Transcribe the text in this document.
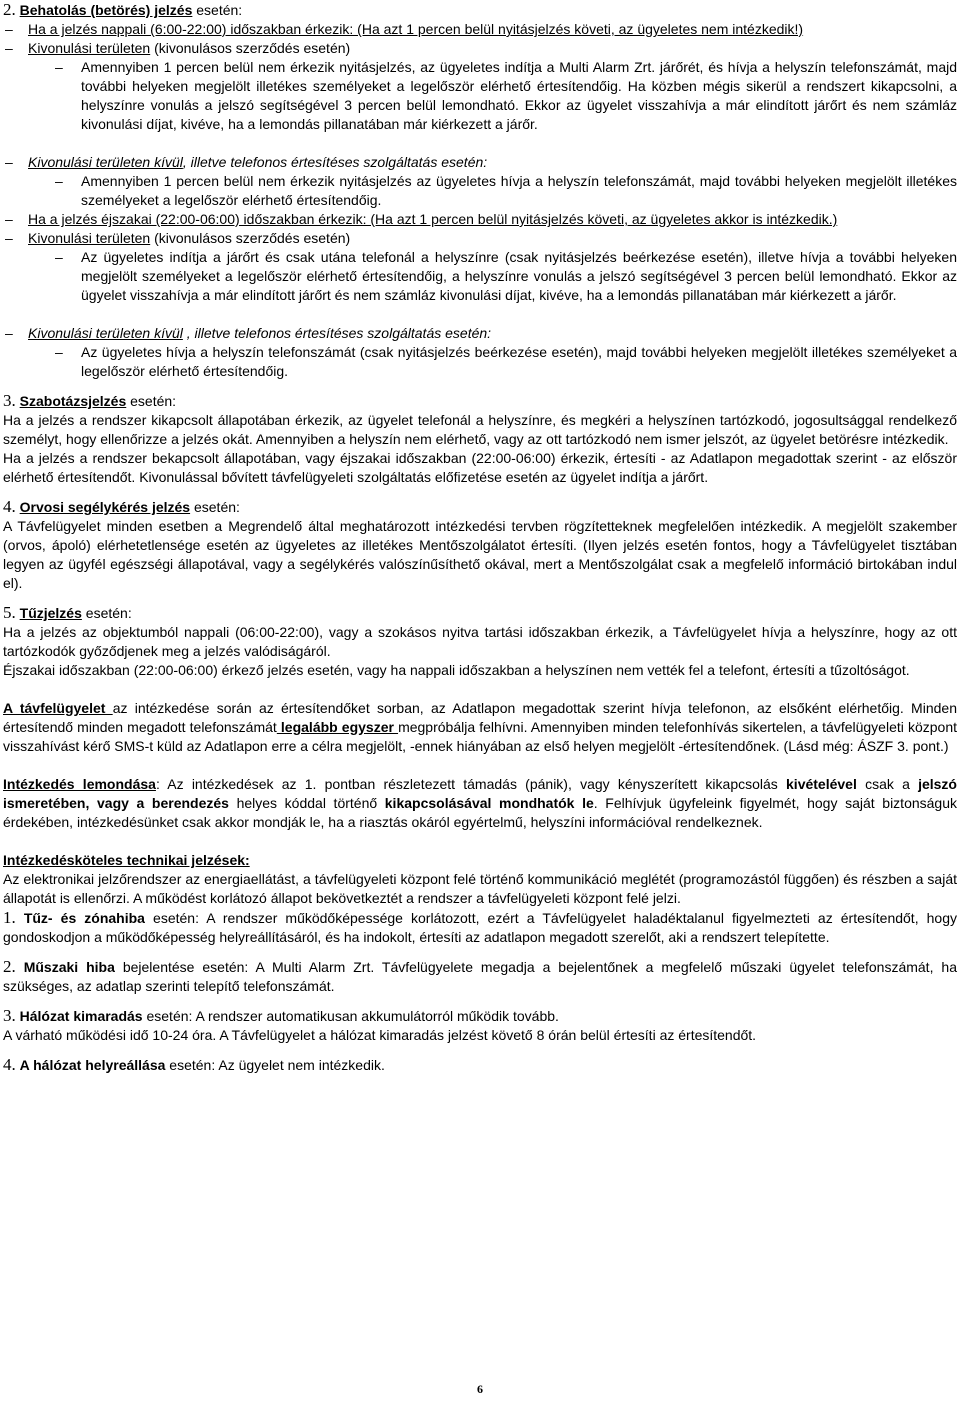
2. Behatolás (betörés) jelzés esetén:

– Ha a jelzés nappali (6:00-22:00) időszakban érkezik: (Ha azt 1 percen belül nyitásjelzés követi, az ügyeletes nem intézkedik!)
– Kivonulási területen (kivonulásos szerződés esetén)
– Amennyiben 1 percen belül nem érkezik nyitásjelzés, az ügyeletes indítja a Multi Alarm Zrt. járőrét, és hívja a helyszín telefonszámát, majd további helyeken megjelölt illetékes személyeket a legelőször elérhető értesítendőig. Ha közben mégis sikerül a rendszert kikapcsolni, a helyszínre vonulás a jelszó segítségével 3 percen belül lemondható. Ekkor az ügyelet visszahívja a már elindított járőrt és nem számláz kivonulási díjat, kivéve, ha a lemondás pillanatában már kiérkezett a járőr.
– Kivonulási területen kívül, illetve telefonos értesítéses szolgáltatás esetén:
– Amennyiben 1 percen belül nem érkezik nyitásjelzés az ügyeletes hívja a helyszín telefonszámát, majd további helyeken megjelölt illetékes személyeket a legelőször elérhető értesítendőig.
– Ha a jelzés éjszakai (22:00-06:00) időszakban érkezik: (Ha azt 1 percen belül nyitásjelzés követi, az ügyeletes akkor is intézkedik.)
– Kivonulási területen (kivonulásos szerződés esetén)
– Az ügyeletes indítja a járőrt és csak utána telefonál a helyszínre (csak nyitásjelzés beérkezése esetén), illetve hívja a további helyeken megjelölt személyeket a legelőször elérhető értesítendőig, a helyszínre vonulás a jelszó segítségével 3 percen belül lemondható. Ekkor az ügyelet visszahívja a már elindított járőrt és nem számláz kivonulási díjat, kivéve, ha a lemondás pillanatában már kiérkezett a járőr.
– Kivonulási területen kívül , illetve telefonos értesítéses szolgáltatás esetén:
– Az ügyeletes hívja a helyszín telefonszámát (csak nyitásjelzés beérkezése esetén), majd további helyeken megjelölt illetékes személyeket a legelőször elérhető értesítendőig.

3. Szabotázsjelzés esetén:

Ha a jelzés a rendszer kikapcsolt állapotában érkezik, az ügyelet telefonál a helyszínre, és megkéri a helyszínen tartózkodó, jogosultsággal rendelkező személyt, hogy ellenőrizze a jelzés okát. Amennyiben a helyszín nem elérhető, vagy az ott tartózkodó nem ismer jelszót, az ügyelet betörésre intézkedik.

Ha a jelzés a rendszer bekapcsolt állapotában, vagy éjszakai időszakban (22:00-06:00) érkezik, értesíti - az Adatlapon megadottak szerint - az először elérhető értesítendőt. Kivonulással bővített távfelügyeleti szolgáltatás előfizetése esetén az ügyelet indítja a járőrt.

4. Orvosi segélykérés jelzés esetén:

A Távfelügyelet minden esetben a Megrendelő által meghatározott intézkedési tervben rögzítetteknek megfelelően intézkedik. A megjelölt szakember (orvos, ápoló) elérhetetlensége esetén az ügyeletes az illetékes Mentőszolgálatot értesíti. (Ilyen jelzés esetén fontos, hogy a Távfelügyelet tisztában legyen az ügyfél egészségi állapotával, vagy a segélykérés valószínűsíthető okával, mert a Mentőszolgálat csak a megfelelő információ birtokában indul el).

5. Tűzjelzés esetén:

Ha a jelzés az objektumból nappali (06:00-22:00), vagy a szokásos nyitva tartási időszakban érkezik, a Távfelügyelet hívja a helyszínre, hogy az ott tartózkodók győződjenek meg a jelzés valódiságáról.

Éjszakai időszakban (22:00-06:00) érkező jelzés esetén, vagy ha nappali időszakban a helyszínen nem vették fel a telefont, értesíti a tűzoltóságot.

A távfelügyelet az intézkedése során az értesítendőket sorban, az Adatlapon megadottak szerint hívja telefonon, az elsőként elérhetőig. Minden értesítendő minden megadott telefonszámát legalább egyszer megpróbálja felhívni. Amennyiben minden telefonhívás sikertelen, a távfelügyeleti központ visszahívást kérő SMS-t küld az Adatlapon erre a célra megjelölt, -ennek hiányában az első helyen megjelölt -értesítendőnek. (Lásd még: ÁSZF 3. pont.)

Intézkedés lemondása: Az intézkedések az 1. pontban részletezett támadás (pánik), vagy kényszerített kikapcsolás kivételével csak a jelszó ismeretében, vagy a berendezés helyes kóddal történő kikapcsolásával mondhatók le. Felhívjuk ügyfeleink figyelmét, hogy saját biztonságuk érdekében, intézkedésünket csak akkor mondják le, ha a riasztás okáról egyértelmű, helyszíni információval rendelkeznek.

Intézkedésköteles technikai jelzések:

Az elektronikai jelzőrendszer az energiaellátást, a távfelügyeleti központ felé történő kommunikáció meglétét (programozástól függően) és részben a saját állapotát is ellenőrzi. A működést korlátozó állapot bekövetkeztét a rendszer a távfelügyeleti központ felé jelzi.

1. Tűz- és zónahiba esetén: A rendszer működőképessége korlátozott, ezért a Távfelügyelet haladéktalanul figyelmezteti az értesítendőt, hogy gondoskodjon a működőképesség helyreállításáról, és ha indokolt, értesíti az adatlapon megadott szerelőt, aki a rendszert telepítette.

2. Műszaki hiba bejelentése esetén: A Multi Alarm Zrt. Távfelügyelete megadja a bejelentőnek a megfelelő műszaki ügyelet telefonszámát, ha szükséges, az adatlap szerinti telepítő telefonszámát.

3. Hálózat kimaradás esetén: A rendszer automatikusan akkumulátorról működik tovább.

A várható működési idő 10-24 óra. A Távfelügyelet a hálózat kimaradás jelzést követő 8 órán belül értesíti az értesítendőt.

4. A hálózat helyreállása esetén: Az ügyelet nem intézkedik.

6
